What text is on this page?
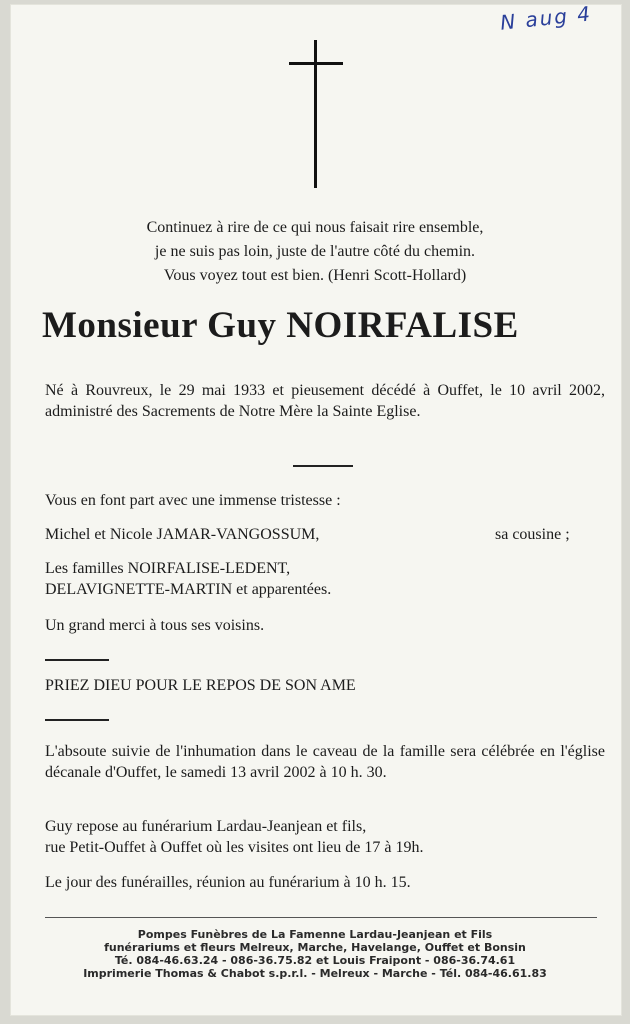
N aug 4
Continuez à rire de ce qui nous faisait rire ensemble,
je ne suis pas loin, juste de l'autre côté du chemin.
Vous voyez tout est bien. (Henri Scott-Hollard)
Monsieur Guy NOIRFALISE
Né à Rouvreux, le 29 mai 1933 et pieusement décédé à Ouffet, le 10 avril 2002, administré des Sacrements de Notre Mère la Sainte Eglise.
Vous en font part avec une immense tristesse :
Michel et Nicole JAMAR-VANGOSSUM,	sa cousine ;
Les familles NOIRFALISE-LEDENT,
DELAVIGNETTE-MARTIN et apparentées.
Un grand merci à tous ses voisins.
PRIEZ DIEU POUR LE REPOS DE SON AME
L'absoute suivie de l'inhumation dans le caveau de la famille sera célébrée en l'église décanale d'Ouffet, le samedi 13 avril 2002 à 10 h. 30.
Guy repose au funérarium Lardau-Jeanjean et fils,
rue Petit-Ouffet à Ouffet où les visites ont lieu de 17 à 19h.
Le jour des funérailles, réunion au funérarium à 10 h. 15.
Pompes Funèbres de La Famenne Lardau-Jeanjean et Fils
funérariums et fleurs Melreux, Marche, Havelange, Ouffet et Bonsin
Té. 084-46.63.24 - 086-36.75.82 et Louis Fraipont - 086-36.74.61
Imprimerie Thomas & Chabot s.p.r.l. - Melreux - Marche - Tél. 084-46.61.83
